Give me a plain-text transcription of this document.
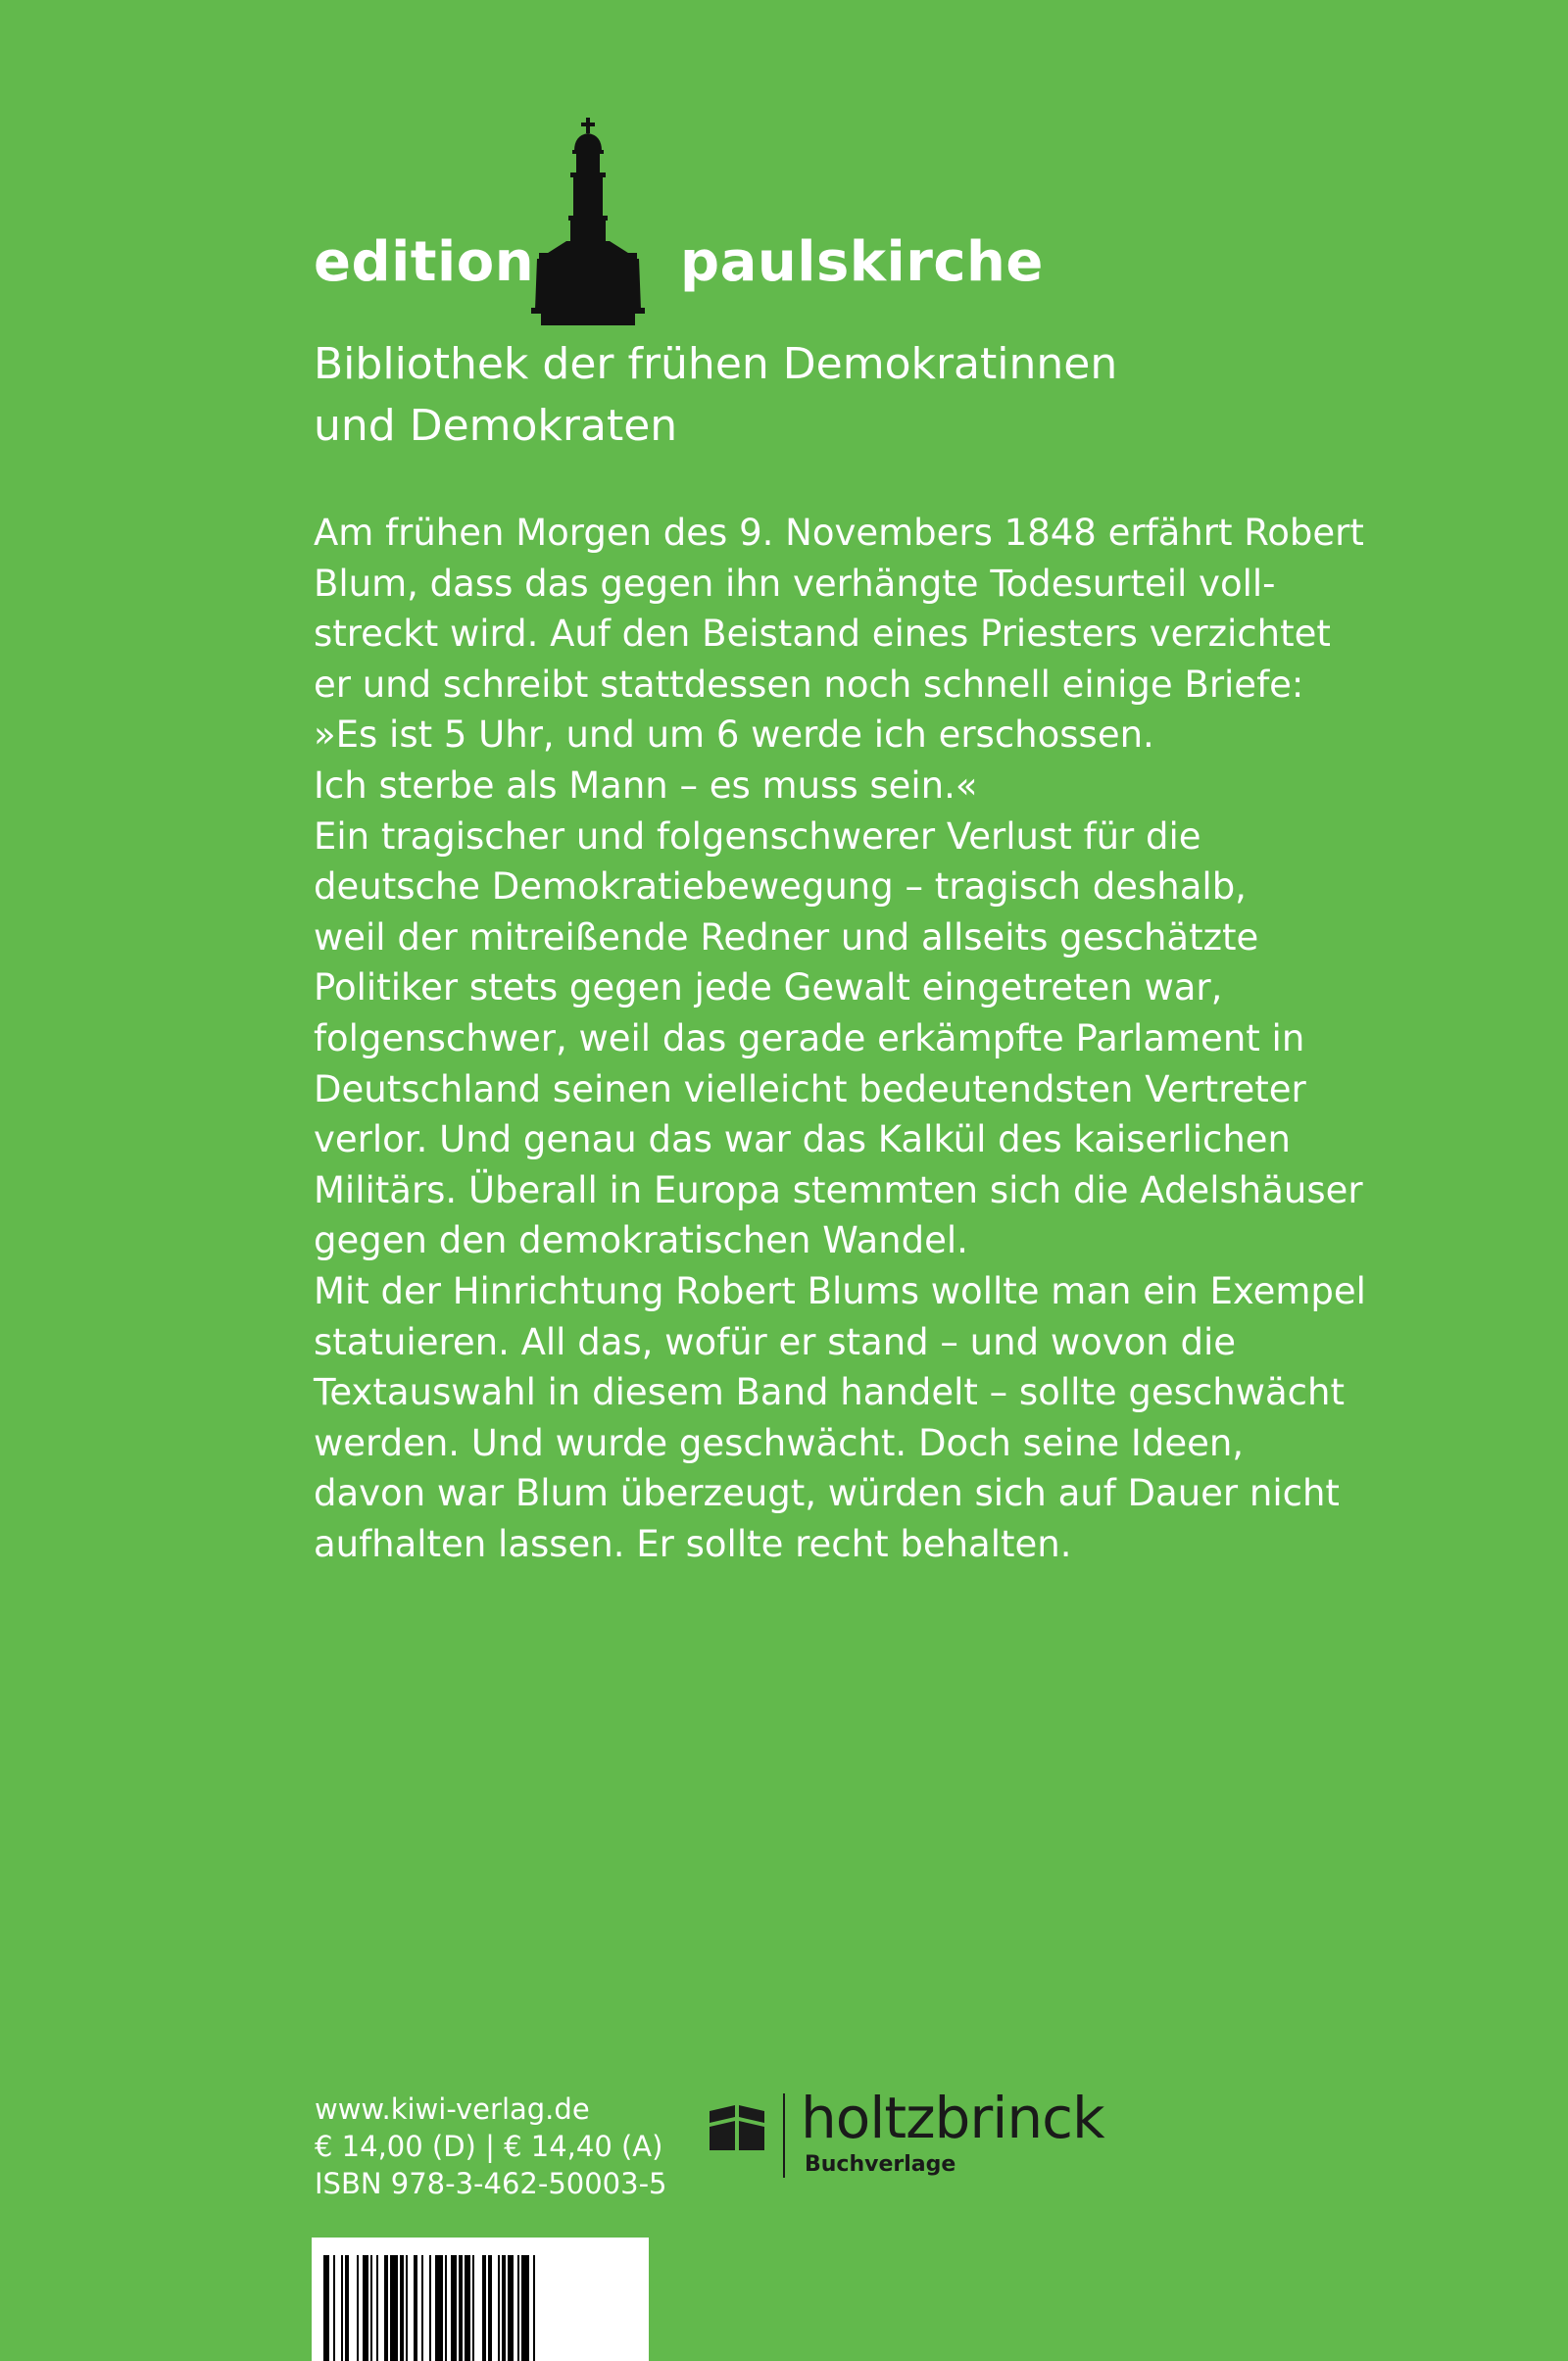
edition	paulskirche
Bibliothek der frühen Demokratinnen
und Demokraten
Am frühen Morgen des 9. Novembers 1848 erfährt Robert
Blum, dass das gegen ihn verhängte Todesurteil voll-
streckt wird. Auf den Beistand eines Priesters verzichtet
er und schreibt stattdessen noch schnell einige Briefe:
»Es ist 5 Uhr, und um 6 werde ich erschossen.
Ich sterbe als Mann – es muss sein.«
Ein tragischer und folgenschwerer Verlust für die
deutsche Demokratiebewegung – tragisch deshalb,
weil der mitreißende Redner und allseits geschätzte
Politiker stets gegen jede Gewalt eingetreten war,
folgenschwer, weil das gerade erkämpfte Parlament in
Deutschland seinen vielleicht bedeutendsten Vertreter
verlor. Und genau das war das Kalkül des kaiserlichen
Militärs. Überall in Europa stemmten sich die Adelshäuser
gegen den demokratischen Wandel.
Mit der Hinrichtung Robert Blums wollte man ein Exempel
statuieren. All das, wofür er stand – und wovon die
Textauswahl in diesem Band handelt – sollte geschwächt
werden. Und wurde geschwächt. Doch seine Ideen,
davon war Blum überzeugt, würden sich auf Dauer nicht
aufhalten lassen. Er sollte recht behalten.
www.kiwi-verlag.de
€ 14,00 (D) | € 14,40 (A)
ISBN 978-3-462-50003-5
holtzbrinck
Buchverlage
